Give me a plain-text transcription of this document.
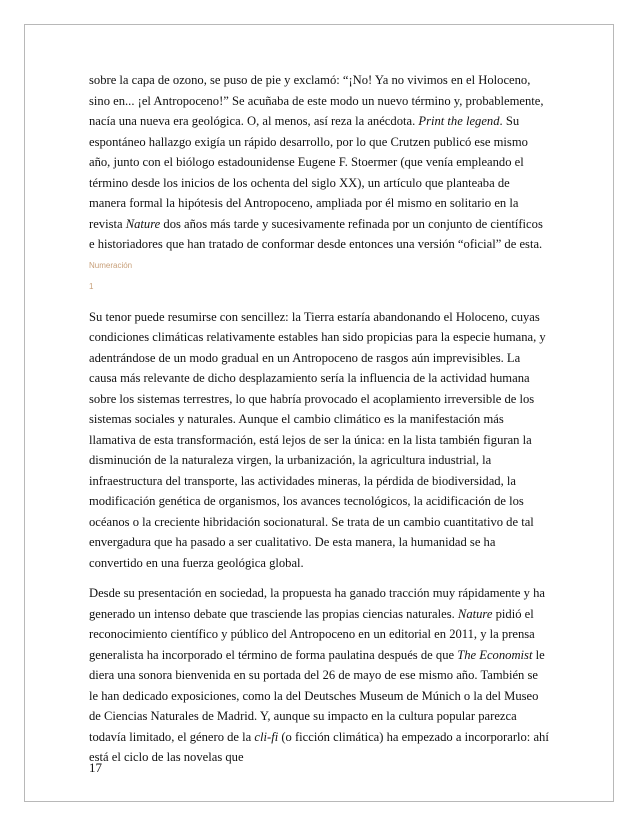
sobre la capa de ozono, se puso de pie y exclamó: “¡No! Ya no vivimos en el Holoceno, sino en... ¡el Antropoceno!” Se acuñaba de este modo un nuevo término y, probablemente, nacía una nueva era geológica. O, al menos, así reza la anécdota. Print the legend. Su espontáneo hallazgo exigía un rápido desarrollo, por lo que Crutzen publicó ese mismo año, junto con el biólogo estadounidense Eugene F. Stoermer (que venía empleando el término desde los inicios de los ochenta del siglo XX), un artículo que planteaba de manera formal la hipótesis del Antropoceno, ampliada por él mismo en solitario en la revista Nature dos años más tarde y sucesivamente refinada por un conjunto de científicos e historiadores que han tratado de conformar desde entonces una versión “oficial” de esta.

Numeración
1

Su tenor puede resumirse con sencillez: la Tierra estaría abandonando el Holoceno, cuyas condiciones climáticas relativamente estables han sido propicias para la especie humana, y adentrándose de un modo gradual en un Antropoceno de rasgos aún imprevisibles. La causa más relevante de dicho desplazamiento sería la influencia de la actividad humana sobre los sistemas terrestres, lo que habría provocado el acoplamiento irreversible de los sistemas sociales y naturales. Aunque el cambio climático es la manifestación más llamativa de esta transformación, está lejos de ser la única: en la lista también figuran la disminución de la naturaleza virgen, la urbanización, la agricultura industrial, la infraestructura del transporte, las actividades mineras, la pérdida de biodiversidad, la modificación genética de organismos, los avances tecnológicos, la acidificación de los océanos o la creciente hibridación socionatural. Se trata de un cambio cuantitativo de tal envergadura que ha pasado a ser cualitativo. De esta manera, la humanidad se ha convertido en una fuerza geológica global.

Desde su presentación en sociedad, la propuesta ha ganado tracción muy rápidamente y ha generado un intenso debate que trasciende las propias ciencias naturales. Nature pidió el reconocimiento científico y público del Antropoceno en un editorial en 2011, y la prensa generalista ha incorporado el término de forma paulatina después de que The Economist le diera una sonora bienvenida en su portada del 26 de mayo de ese mismo año. También se le han dedicado exposiciones, como la del Deutsches Museum de Múnich o la del Museo de Ciencias Naturales de Madrid. Y, aunque su impacto en la cultura popular parezca todavía limitado, el género de la cli-fi (o ficción climática) ha empezado a incorporarlo: ahí está el ciclo de las novelas que

17
